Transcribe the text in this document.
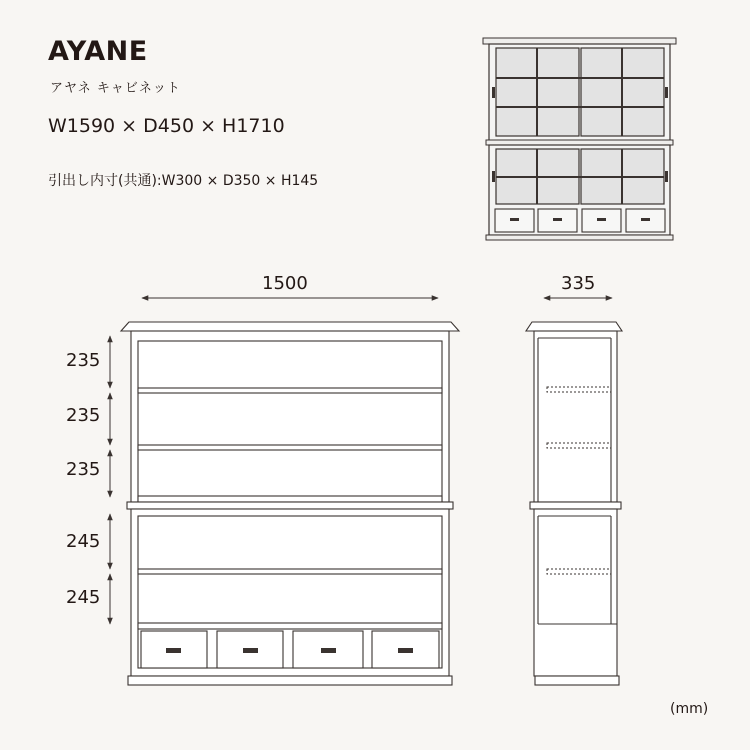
AYANE
アヤネ キャビネット
W1590 × D450 × H1710
引出し内寸(共通):W300 × D350 × H145
(mm)
1500	335
235
235
235
245
245
